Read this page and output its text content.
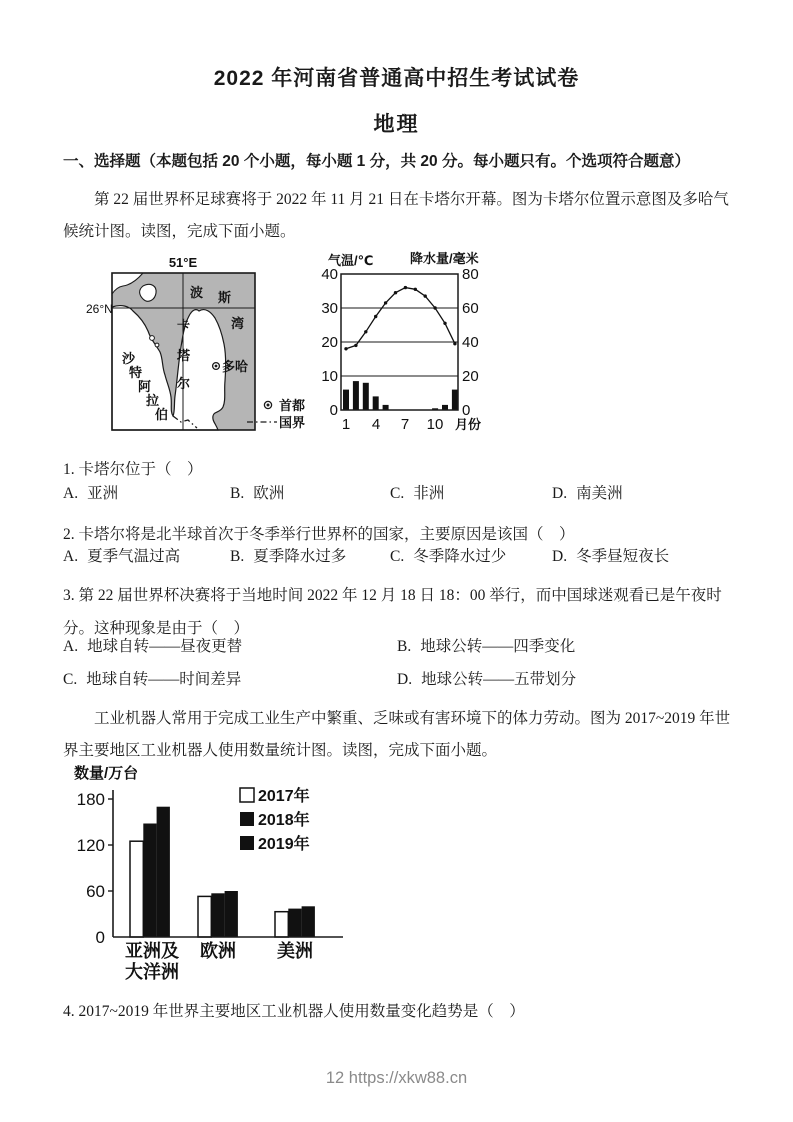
2022 年河南省普通高中招生考试试卷
地理
一、选择题（本题包括 20 个小题，每小题 1 分，共 20 分。每小题只有。个选项符合题意）

第 22 届世界杯足球赛将于 2022 年 11 月 21 日在卡塔尔开幕。图为卡塔尔位置示意图及多哈气候统计图。读图，完成下面小题。

51°E
26°N
波 斯
湾
卡
塔
尔
多哈
沙
特
阿
拉
伯
首都
国界
气温/℃	降水量/毫米
40
30
20
10
0
80
60
40
20
0
1 4 7 10 月份

1. 卡塔尔位于（　）

A. 亚洲	B. 欧洲	C. 非洲	D. 南美洲

2. 卡塔尔将是北半球首次于冬季举行世界杯的国家，主要原因是该国（　）

A. 夏季气温过高	B. 夏季降水过多	C. 冬季降水过少	D. 冬季昼短夜长

3. 第 22 届世界杯决赛将于当地时间 2022 年 12 月 18 日 18：00 举行，而中国球迷观看已是午夜时分。这种现象是由于（　）

A. 地球自转——昼夜更替	B. 地球公转——四季变化
C. 地球自转——时间差异	D. 地球公转——五带划分

工业机器人常用于完成工业生产中繁重、乏味或有害环境下的体力劳动。图为 2017~2019 年世界主要地区工业机器人使用数量统计图。读图，完成下面小题。

数量/万台
180
120
60
0
2017年
2018年
2019年
亚洲及
大洋洲
欧洲 美洲

4. 2017~2019 年世界主要地区工业机器人使用数量变化趋势是（　）

12 https://xkw88.cn
